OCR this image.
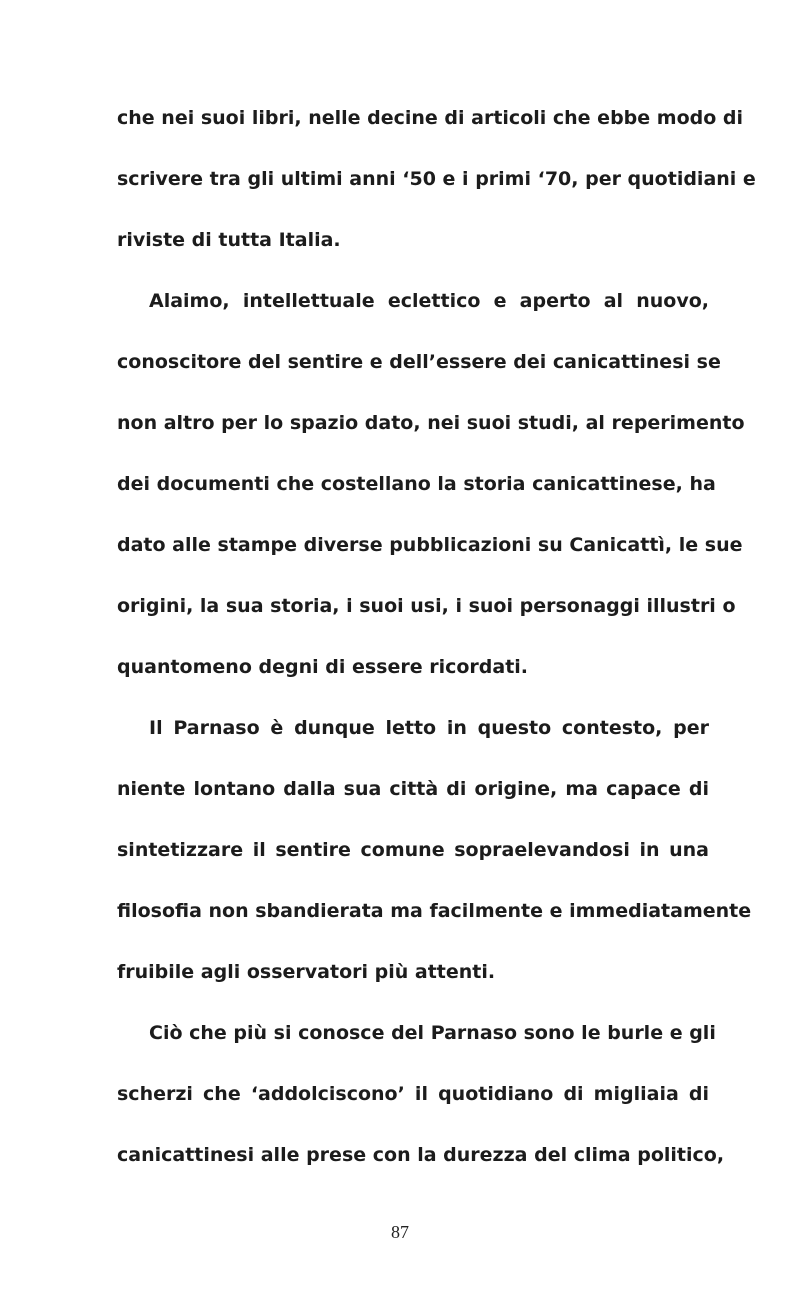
che nei suoi libri, nelle decine di articoli che ebbe modo di
scrivere tra gli ultimi anni ‘50 e i primi ‘70, per quotidiani e
riviste di tutta Italia.
Alaimo, intellettuale eclettico e aperto al nuovo,
conoscitore del sentire e dell’essere dei canicattinesi se
non altro per lo spazio dato, nei suoi studi, al reperimento
dei documenti che costellano la storia canicattinese, ha
dato alle stampe diverse pubblicazioni su Canicattì, le sue
origini, la sua storia, i suoi usi, i suoi personaggi illustri o
quantomeno degni di essere ricordati.
Il Parnaso è dunque letto in questo contesto, per
niente lontano dalla sua città di origine, ma capace di
sintetizzare il sentire comune sopraelevandosi in una
filosofia non sbandierata ma facilmente e immediatamente
fruibile agli osservatori più attenti.
Ciò che più si conosce del Parnaso sono le burle e gli
scherzi che ‘addolciscono’ il quotidiano di migliaia di
canicattinesi alle prese con la durezza del clima politico,
87
